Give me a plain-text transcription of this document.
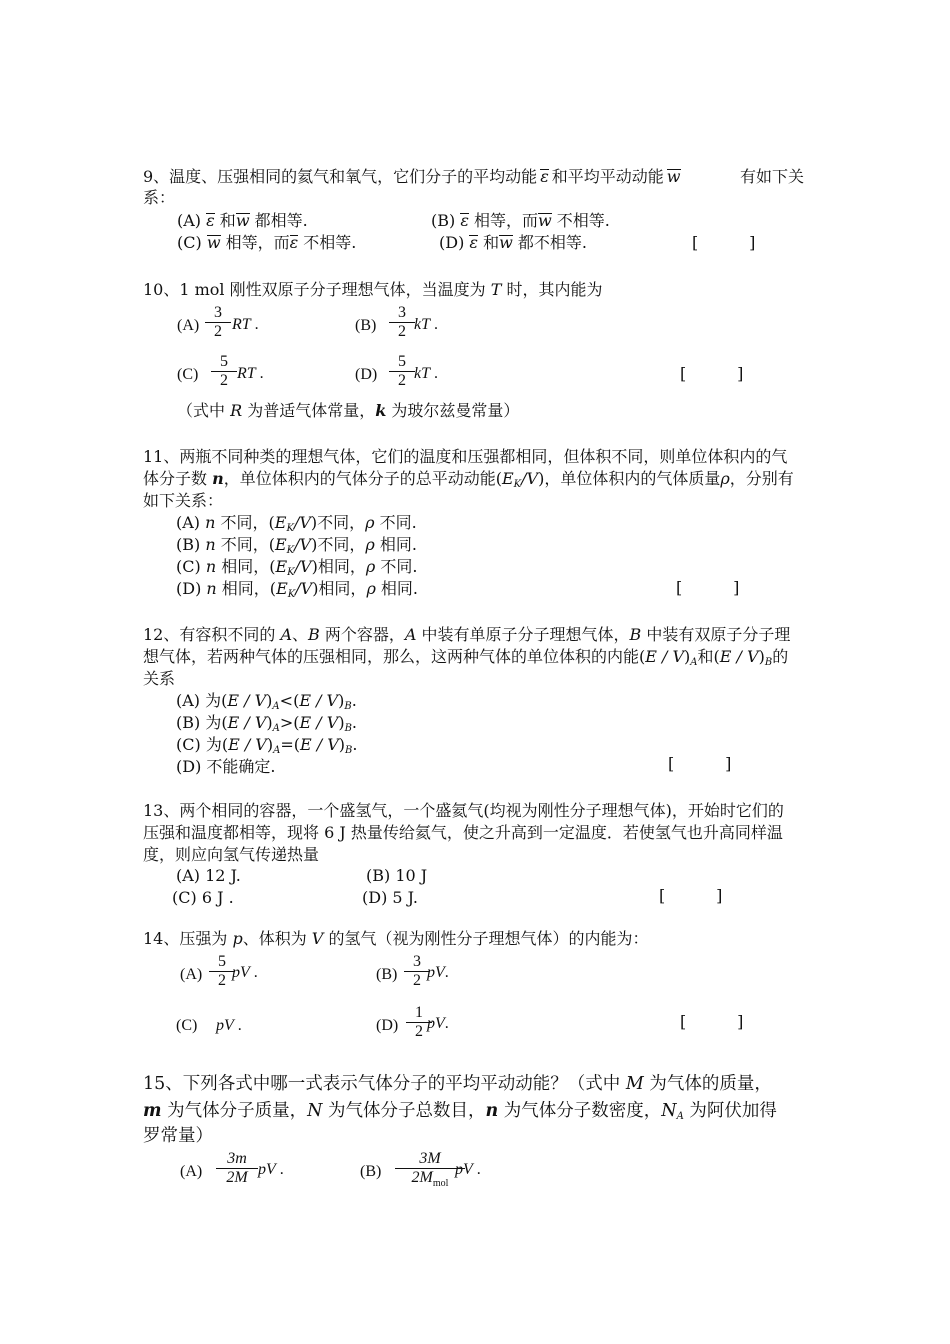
9、温度、压强相同的氦气和氧气，它们分子的平均动能 ε 和平均平动动能 w	有如下关
系：
(A) ε 和w 都相等.	(B) ε 相等，而w 不相等.
(C) w 相等，而ε 不相等.	(D) ε 和w 都不相等.	[          ]
10、1 mol 刚性双原子分子理想气体，当温度为 T 时，其内能为
$(A) \frac{3}{2}$ RT .	$(B) \frac{3}{2}$ kT .
$(C) \frac{5}{2}$ RT .	$(D) \frac{5}{2}$ kT .	[          ]
（式中 R 为普适气体常量，k 为玻尔兹曼常量）
11、两瓶不同种类的理想气体，它们的温度和压强都相同，但体积不同，则单位体积内的气
体分子数 n，单位体积内的气体分子的总平动动能$(E_K/V)$，单位体积内的气体质量ρ，分别有
如下关系：
(A) n 不同，$(E_K/V)$不同，ρ 不同.
(B) n 不同，$(E_K/V)$不同，ρ 相同.
(C) n 相同，$(E_K/V)$相同，ρ 不同.
(D) n 相同，$(E_K/V)$相同，ρ 相同.	[          ]
12、有容积不同的 A、B 两个容器，A 中装有单原子分子理想气体，B 中装有双原子分子理
想气体，若两种气体的压强相同，那么，这两种气体的单位体积的内能$(E / V)_A$和$(E / V)_B$的
关系
(A) 为$(E / V)_A<(E / V)_B$.
(B) 为$(E / V)_A>(E / V)_B$.
(C) 为$(E / V)_A=(E / V)_B$.
(D) 不能确定.	[          ]
13、两个相同的容器，一个盛氢气，一个盛氦气(均视为刚性分子理想气体)，开始时它们的
压强和温度都相等，现将 6 J 热量传给氦气，使之升高到一定温度．若使氢气也升高同样温
度，则应向氢气传递热量
(A) 12 J.	(B) 10 J
(C) 6 J .	(D) 5 J.	[          ]
14、压强为 p、体积为 V 的氢气（视为刚性分子理想气体）的内能为：
$(A) \frac{5}{2}$
pV .	$(B) \frac{3}{2}$
pV.
(C) pV .	$(D) \frac{1}{2}$
pV.	[          ]
15、下列各式中哪一式表示气体分子的平均平动动能？（式中 M 为气体的质量，
m 为气体分子质量，N 为气体分子总数目，n 为气体分子数密度，$N_A$ 为阿伏加得
罗常量）
$(A) \frac{3m}{2M}$ pV .	(B)
3M
$2M_{mol}$
pV .
